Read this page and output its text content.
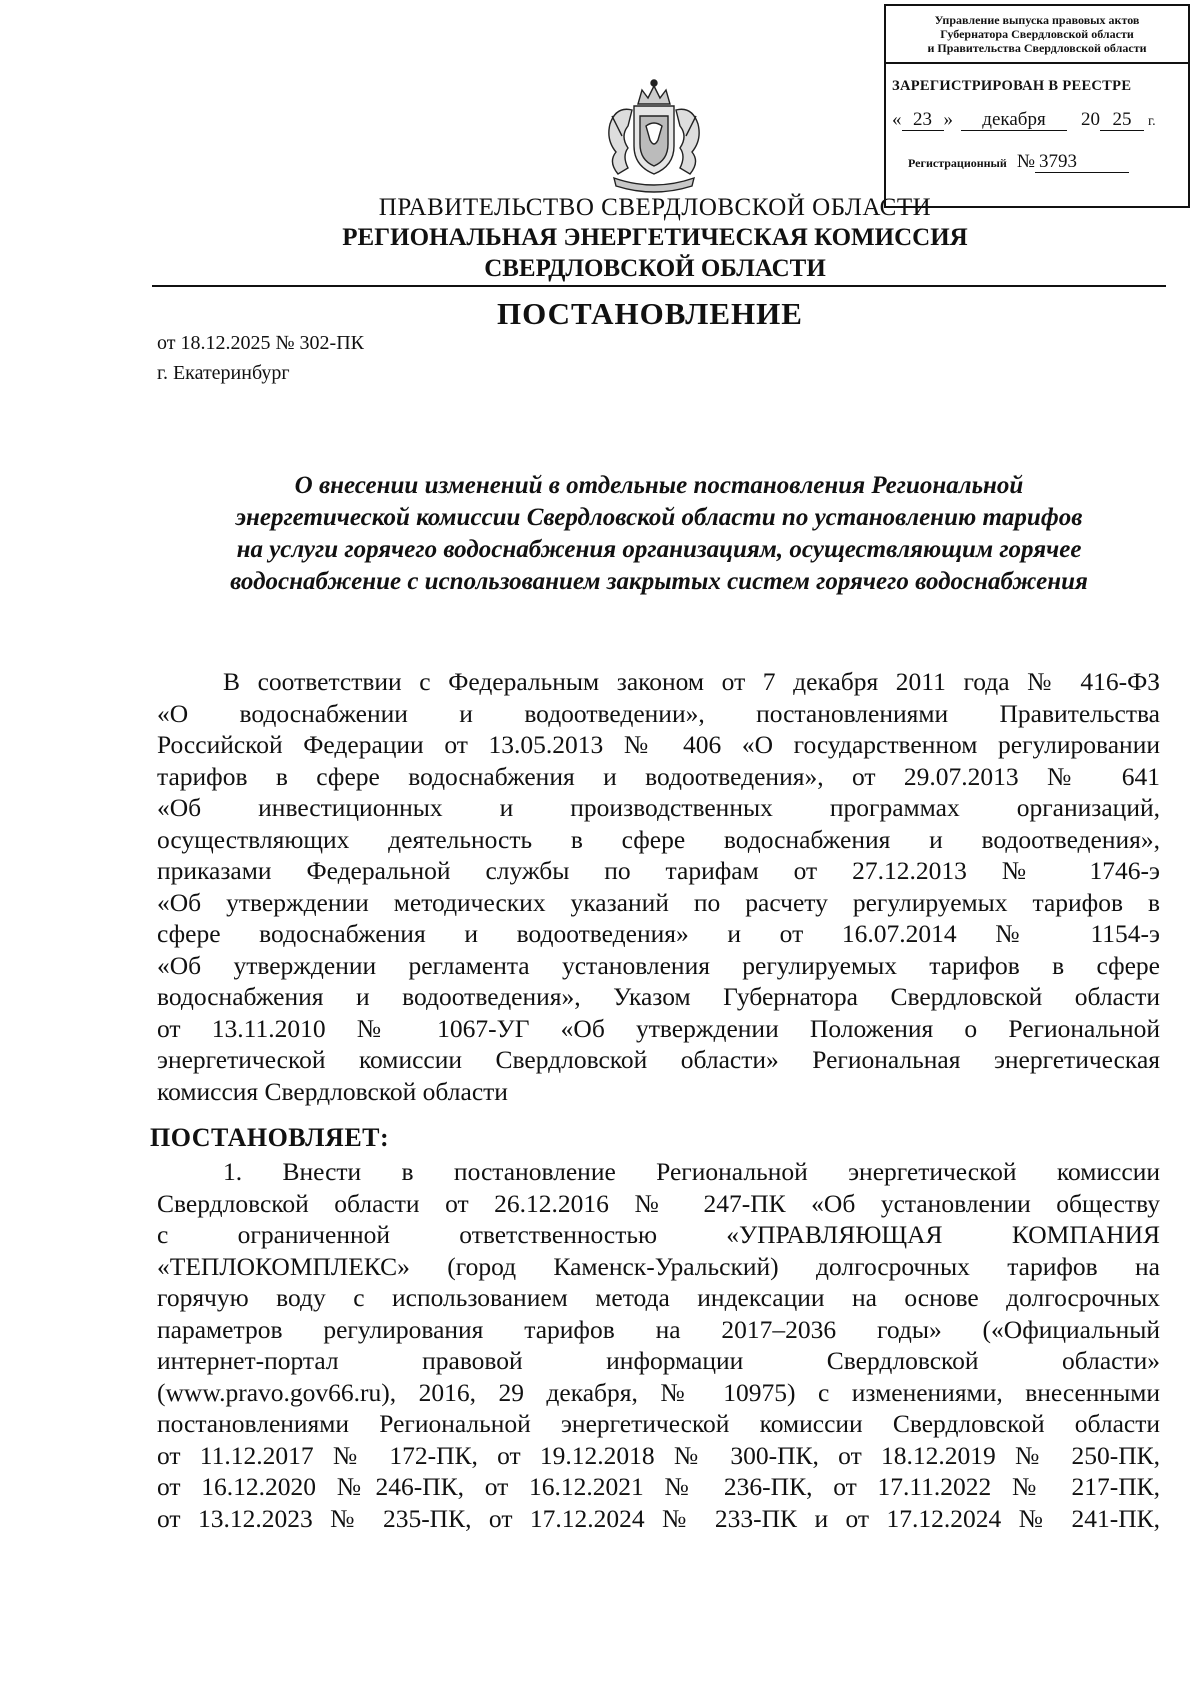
Управление выпуска правовых актов
Губернатора Свердловской области
и Правительства Свердловской области
ЗАРЕГИСТРИРОВАН В РЕЕСТРЕ
« 23 »	декабря	20 25	г.
Регистрационный № 3793
ПРАВИТЕЛЬСТВО СВЕРДЛОВСКОЙ ОБЛАСТИ
РЕГИОНАЛЬНАЯ ЭНЕРГЕТИЧЕСКАЯ КОМИССИЯ
СВЕРДЛОВСКОЙ ОБЛАСТИ
ПОСТАНОВЛЕНИЕ
от 18.12.2025 № 302-ПК
г. Екатеринбург
О внесении изменений в отдельные постановления Региональной
энергетической комиссии Свердловской области по установлению тарифов
на услуги горячего водоснабжения организациям, осуществляющим горячее
водоснабжение с использованием закрытых систем горячего водоснабжения
В соответствии с Федеральным законом от 7 декабря 2011 года № 416-ФЗ
«О водоснабжении и водоотведении», постановлениями Правительства
Российской Федерации от 13.05.2013 № 406 «О государственном регулировании
тарифов в сфере водоснабжения и водоотведения», от 29.07.2013 № 641
«Об инвестиционных и производственных программах организаций,
осуществляющих деятельность в сфере водоснабжения и водоотведения»,
приказами Федеральной службы по тарифам от 27.12.2013 № 1746-э
«Об утверждении методических указаний по расчету регулируемых тарифов в
сфере водоснабжения и водоотведения» и от 16.07.2014 № 1154-э
«Об утверждении регламента установления регулируемых тарифов в сфере
водоснабжения и водоотведения», Указом Губернатора Свердловской области
от 13.11.2010 № 1067-УГ «Об утверждении Положения о Региональной
энергетической комиссии Свердловской области» Региональная энергетическая
комиссия Свердловской области
ПОСТАНОВЛЯЕТ:
1. Внести в постановление Региональной энергетической комиссии
Свердловской области от 26.12.2016 № 247-ПК «Об установлении обществу
с ограниченной ответственностью «УПРАВЛЯЮЩАЯ КОМПАНИЯ
«ТЕПЛОКОМПЛЕКС» (город Каменск-Уральский) долгосрочных тарифов на
горячую воду с использованием метода индексации на основе долгосрочных
параметров регулирования тарифов на 2017–2036 годы» («Официальный
интернет-портал правовой информации Свердловской области»
(www.pravo.gov66.ru), 2016, 29 декабря, № 10975) с изменениями, внесенными
постановлениями Региональной энергетической комиссии Свердловской области
от 11.12.2017 № 172-ПК, от 19.12.2018 № 300-ПК, от 18.12.2019 № 250-ПК,
от 16.12.2020 №246-ПК, от 16.12.2021 № 236-ПК, от 17.11.2022 № 217-ПК,
от 13.12.2023 № 235-ПК, от 17.12.2024 № 233-ПК и от 17.12.2024 № 241-ПК,
